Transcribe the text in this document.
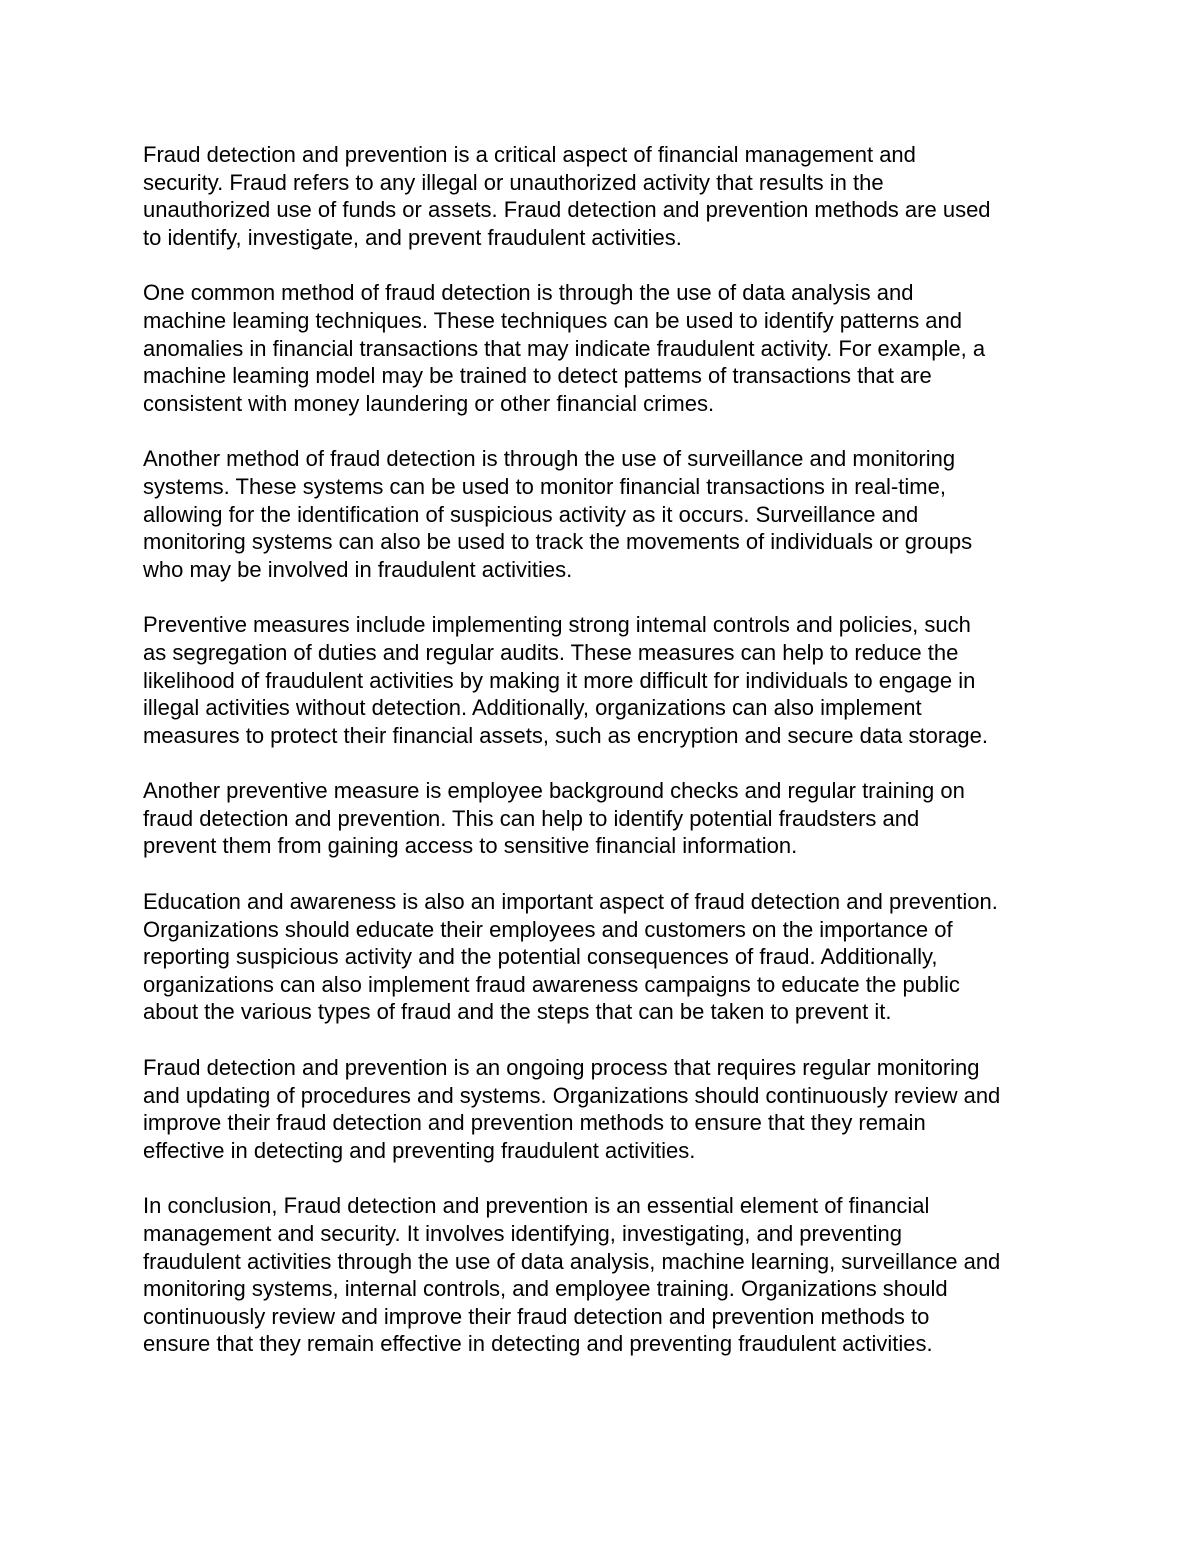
Fraud detection and prevention is a critical aspect of financial management and
security. Fraud refers to any illegal or unauthorized activity that results in the
unauthorized use of funds or assets. Fraud detection and prevention methods are used
to identify, investigate, and prevent fraudulent activities.

One common method of fraud detection is through the use of data analysis and
machine leaming techniques. These techniques can be used to identify patterns and
anomalies in financial transactions that may indicate fraudulent activity. For example, a
machine leaming model may be trained to detect pattems of transactions that are
consistent with money laundering or other financial crimes.

Another method of fraud detection is through the use of surveillance and monitoring
systems. These systems can be used to monitor financial transactions in real-time,
allowing for the identification of suspicious activity as it occurs. Surveillance and
monitoring systems can also be used to track the movements of individuals or groups
who may be involved in fraudulent activities.

Preventive measures include implementing strong intemal controls and policies, such
as segregation of duties and regular audits. These measures can help to reduce the
likelihood of fraudulent activities by making it more difficult for individuals to engage in
illegal activities without detection. Additionally, organizations can also implement
measures to protect their financial assets, such as encryption and secure data storage.

Another preventive measure is employee background checks and regular training on
fraud detection and prevention. This can help to identify potential fraudsters and
prevent them from gaining access to sensitive financial information.

Education and awareness is also an important aspect of fraud detection and prevention.
Organizations should educate their employees and customers on the importance of
reporting suspicious activity and the potential consequences of fraud. Additionally,
organizations can also implement fraud awareness campaigns to educate the public
about the various types of fraud and the steps that can be taken to prevent it.

Fraud detection and prevention is an ongoing process that requires regular monitoring
and updating of procedures and systems. Organizations should continuously review and
improve their fraud detection and prevention methods to ensure that they remain
effective in detecting and preventing fraudulent activities.

In conclusion, Fraud detection and prevention is an essential element of financial
management and security. It involves identifying, investigating, and preventing
fraudulent activities through the use of data analysis, machine learning, surveillance and
monitoring systems, internal controls, and employee training. Organizations should
continuously review and improve their fraud detection and prevention methods to
ensure that they remain effective in detecting and preventing fraudulent activities.
